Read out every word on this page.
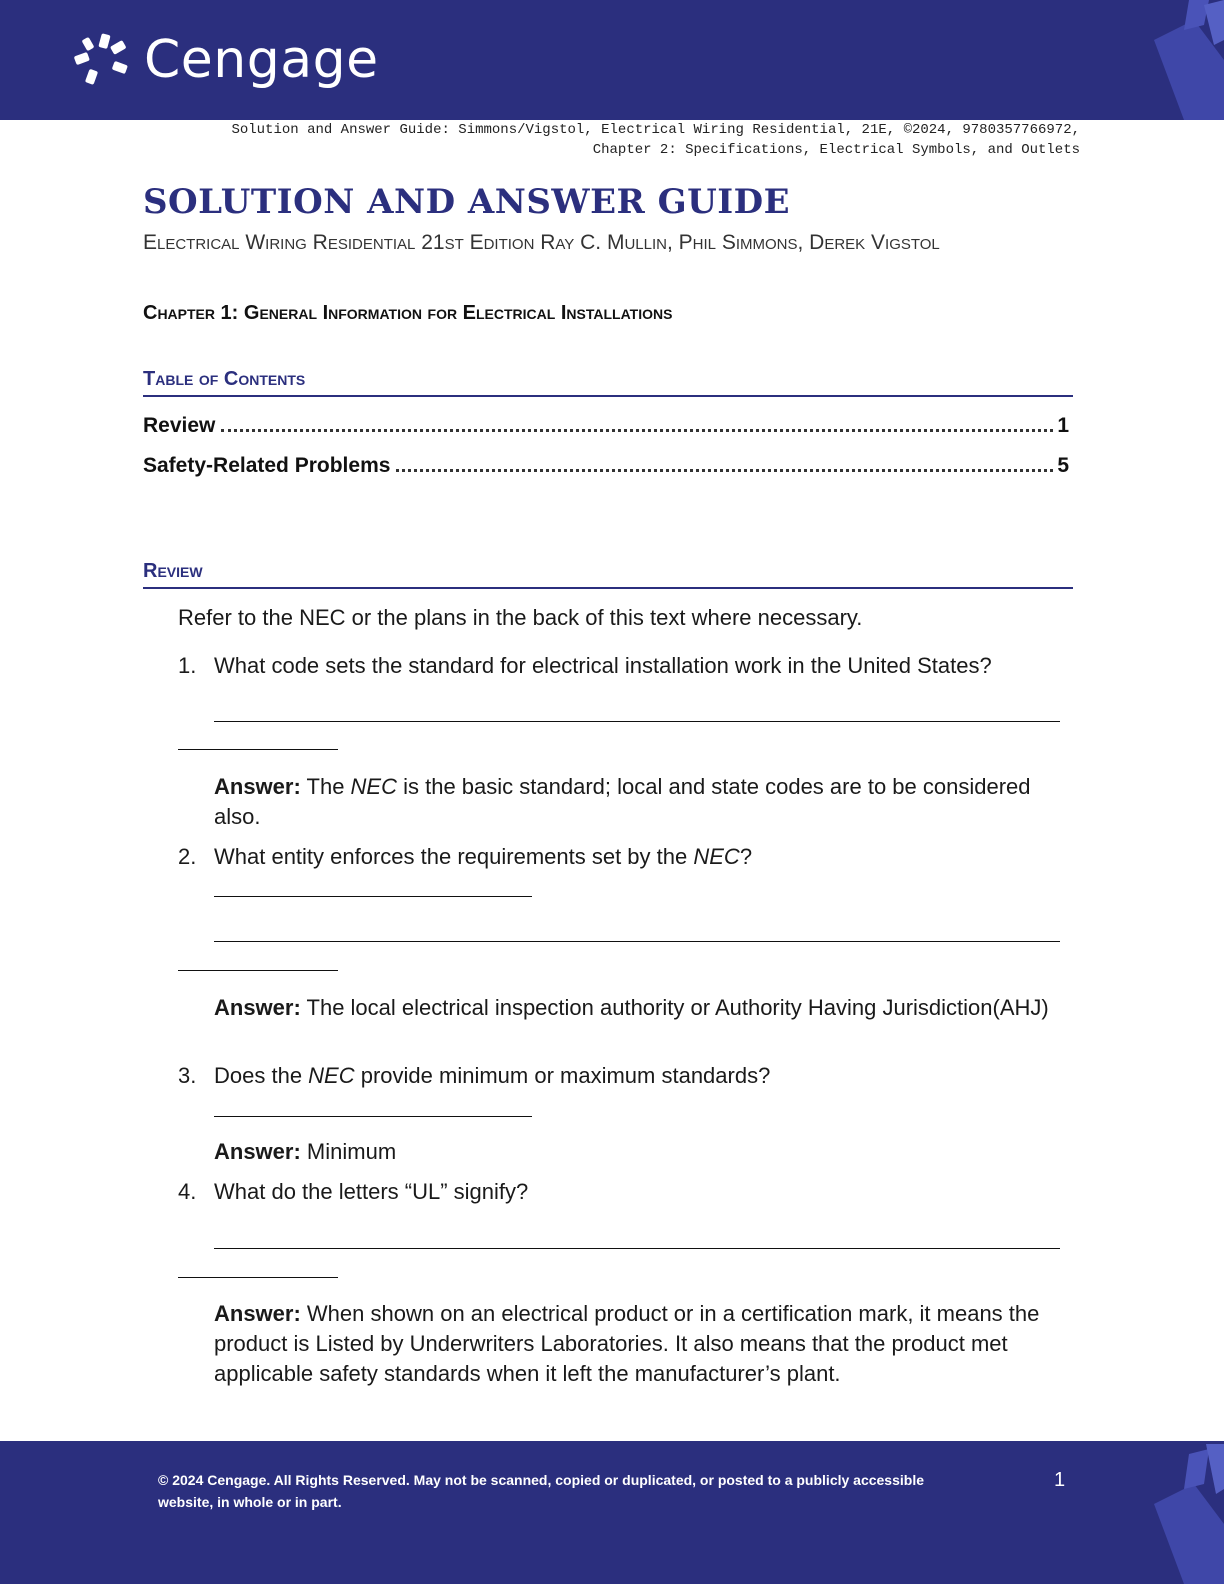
Cengage
Solution and Answer Guide: Simmons/Vigstol, Electrical Wiring Residential, 21E, ©2024, 9780357766972,
Chapter 2: Specifications, Electrical Symbols, and Outlets
SOLUTION AND ANSWER GUIDE
Electrical Wiring Residential 21st Edition Ray C. Mullin, Phil Simmons, Derek Vigstol
Chapter 1: General Information for Electrical Installations
Table of Contents
Review	1
Safety-Related Problems	5
Review
Refer to the NEC or the plans in the back of this text where necessary.
1. What code sets the standard for electrical installation work in the United States?
Answer: The NEC is the basic standard; local and state codes are to be considered also.
2. What entity enforces the requirements set by the NEC?
Answer: The local electrical inspection authority or Authority Having Jurisdiction(AHJ)
3. Does the NEC provide minimum or maximum standards?
Answer: Minimum
4. What do the letters “UL” signify?
Answer: When shown on an electrical product or in a certification mark, it means the product is Listed by Underwriters Laboratories. It also means that the product met applicable safety standards when it left the manufacturer’s plant.
© 2024 Cengage. All Rights Reserved. May not be scanned, copied or duplicated, or posted to a publicly accessible website, in whole or in part.
1
